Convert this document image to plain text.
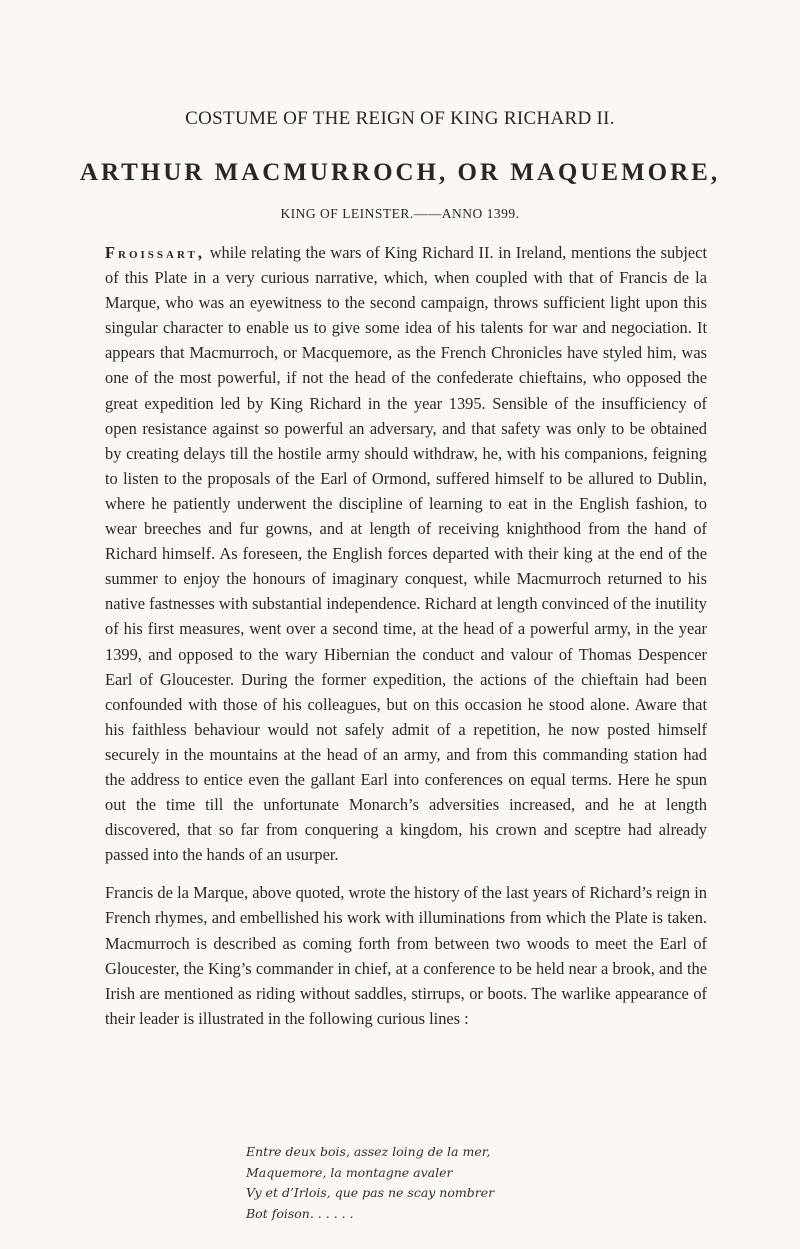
COSTUME OF THE REIGN OF KING RICHARD II.
ARTHUR MACMURROCH, OR MAQUEMORE,
KING OF LEINSTER.——ANNO 1399.

Froissart, while relating the wars of King Richard II. in Ireland, mentions the subject of this Plate in a very curious narrative, which, when coupled with that of Francis de la Marque, who was an eyewitness to the second campaign, throws sufficient light upon this singular character to enable us to give some idea of his talents for war and negociation. It appears that Macmurroch, or Macquemore, as the French Chronicles have styled him, was one of the most powerful, if not the head of the confederate chieftains, who opposed the great expedition led by King Richard in the year 1395. Sensible of the insufficiency of open resistance against so powerful an adversary, and that safety was only to be obtained by creating delays till the hostile army should withdraw, he, with his companions, feigning to listen to the proposals of the Earl of Ormond, suffered himself to be allured to Dublin, where he patiently underwent the discipline of learning to eat in the English fashion, to wear breeches and fur gowns, and at length of receiving knighthood from the hand of Richard himself. As foreseen, the English forces departed with their king at the end of the summer to enjoy the honours of imaginary conquest, while Macmurroch returned to his native fastnesses with substantial independence. Richard at length convinced of the inutility of his first measures, went over a second time, at the head of a powerful army, in the year 1399, and opposed to the wary Hibernian the conduct and valour of Thomas Despencer Earl of Gloucester. During the former expedition, the actions of the chieftain had been confounded with those of his colleagues, but on this occasion he stood alone. Aware that his faithless behaviour would not safely admit of a repetition, he now posted himself securely in the mountains at the head of an army, and from this commanding station had the address to entice even the gallant Earl into conferences on equal terms. Here he spun out the time till the unfortunate Monarch’s adversities increased, and he at length discovered, that so far from conquering a kingdom, his crown and sceptre had already passed into the hands of an usurper.

Francis de la Marque, above quoted, wrote the history of the last years of Richard’s reign in French rhymes, and embellished his work with illuminations from which the Plate is taken. Macmurroch is described as coming forth from between two woods to meet the Earl of Gloucester, the King’s commander in chief, at a conference to be held near a brook, and the Irish are mentioned as riding without saddles, stirrups, or boots. The warlike appearance of their leader is illustrated in the following curious lines :

Entre deux bois, assez loing de la mer,
Maquemore, la montagne avaler
Vy et d’Irlois, que pas ne scay nombrer
Bot foison. . . . . .
